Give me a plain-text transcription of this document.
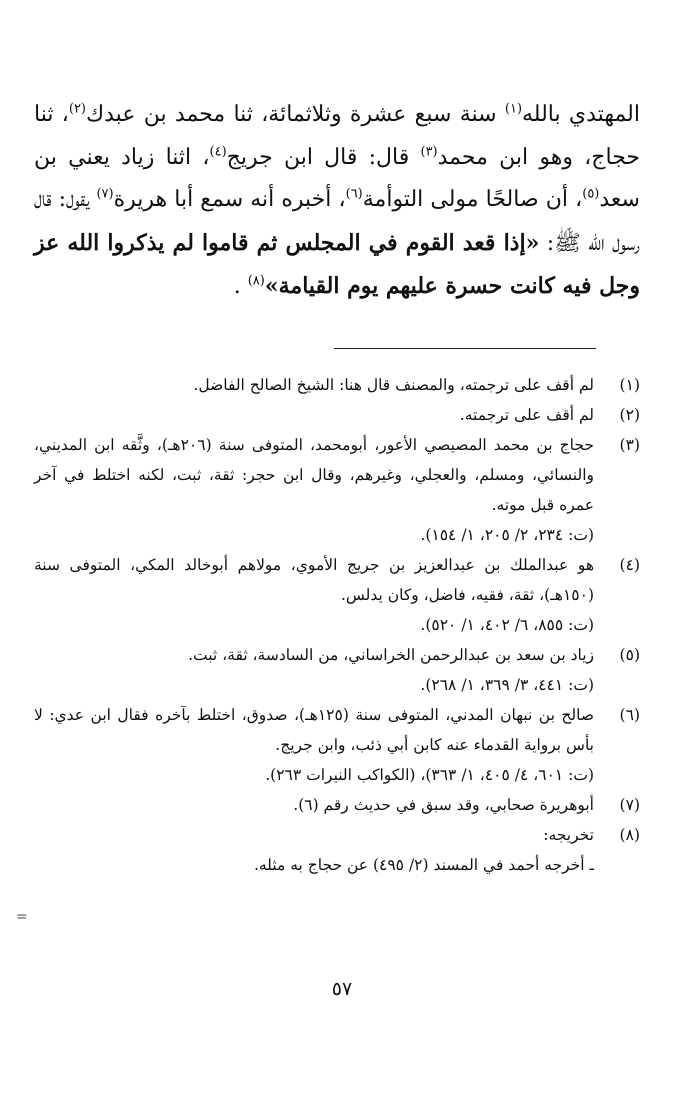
المهتدي بالله$^{(١)}$ سنة سبع عشرة وثلاثمائة، ثنا محمد بن عبدك$^{(٢)}$، ثنا حجاج، وهو ابن محمد$^{(٣)}$ قال: قال ابن جريج$^{(٤)}$، اثنا زياد يعني بن سعد$^{(٥)}$، أن صالحًا مولى التوأمة$^{(٦)}$، أخبره أنه سمع أبا هريرة$^{(٧)}$ يقول: قال رسول الله ﷺ: «إذا قعد القوم في المجلس ثم قاموا لم يذكروا الله عز وجل فيه كانت حسرة عليهم يوم القيامة»$^{(٨)}$ .
(١)
لم أقف على ترجمته، والمصنف قال هنا: الشيخ الصالح الفاضل.
(٢)
لم أقف على ترجمته.
(٣)
حجاج بن محمد المصيصي الأعور، أبومحمد، المتوفى سنة (٢٠٦هـ)، وثَّقه ابن المديني، والنسائي، ومسلم، والعجلي، وغيرهم، وقال ابن حجر: ثقة، ثبت، لكنه اختلط في آخر عمره قبل موته.
(ت: ٢٣٤، ٢/ ٢٠٥، ١/ ١٥٤).
(٤)
هو عبدالملك بن عبدالعزيز بن جريج الأموي، مولاهم أبوخالد المكي، المتوفى سنة (١٥٠هـ)، ثقة، فقيه، فاضل، وكان يدلس.
(ت: ٨٥٥، ٦/ ٤٠٢، ١/ ٥٢٠).
(٥)
زياد بن سعد بن عبدالرحمن الخراساني، من السادسة، ثقة، ثبت.
(ت: ٤٤١، ٣/ ٣٦٩، ١/ ٢٦٨).
(٦)
صالح بن نبهان المدني، المتوفى سنة (١٢٥هـ)، صدوق، اختلط بآخره فقال ابن عدي: لا بأس برواية القدماء عنه كابن أبي ذئب، وابن جريج.
(ت: ٦٠١، ٤/ ٤٠٥، ١/ ٣٦٣)، (الكواكب النيرات ٢٦٣).
(٧)
أبوهريرة صحابي، وقد سبق في حديث رقم (٦).
(٨)
تخريجه:
ـ أخرجه أحمد في المسند (٢/ ٤٩٥) عن حجاج به مثله.
=
٥٧
